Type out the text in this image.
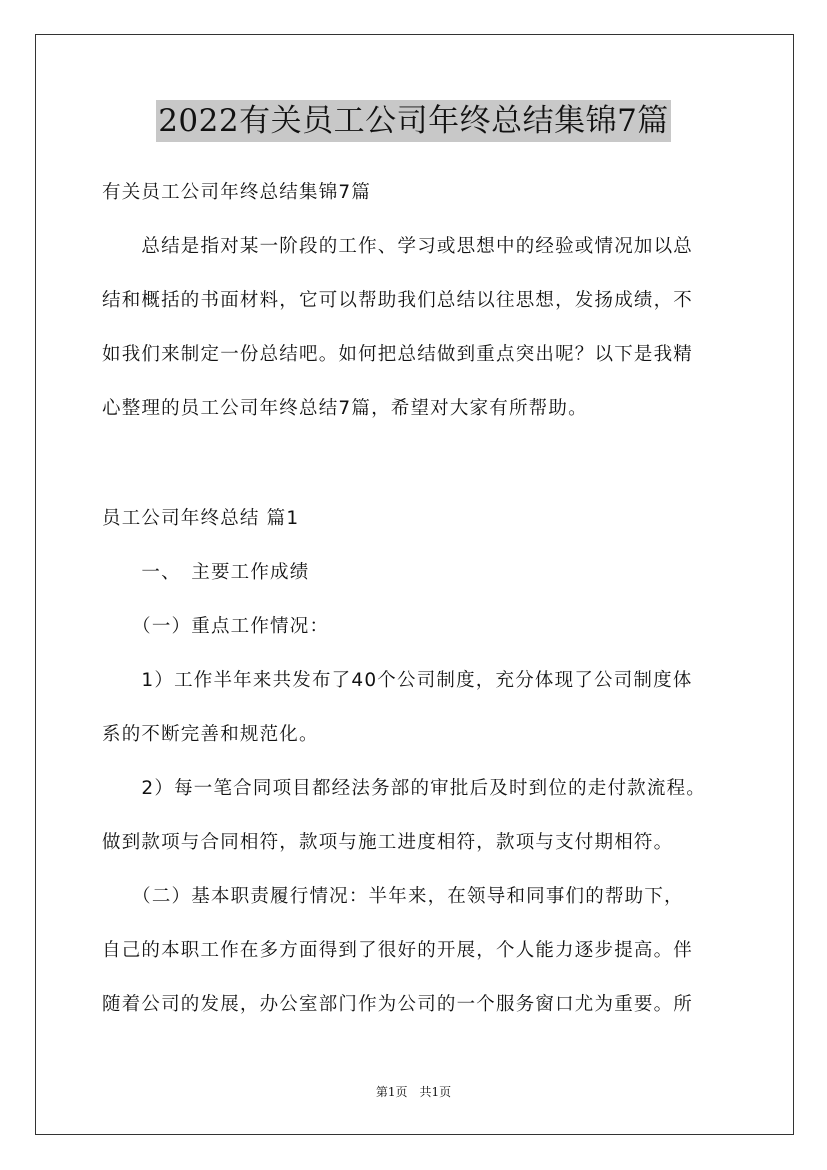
2022有关员工公司年终总结集锦7篇
有关员工公司年终总结集锦7篇
　　总结是指对某一阶段的工作、学习或思想中的经验或情况加以总
结和概括的书面材料，它可以帮助我们总结以往思想，发扬成绩，不
如我们来制定一份总结吧。如何把总结做到重点突出呢？以下是我精
心整理的员工公司年终总结7篇，希望对大家有所帮助。
员工公司年终总结 篇1
　　一、　主要工作成绩
　　（一）重点工作情况：
　　1）工作半年来共发布了40个公司制度，充分体现了公司制度体
系的不断完善和规范化。
　　2）每一笔合同项目都经法务部的审批后及时到位的走付款流程。
做到款项与合同相符，款项与施工进度相符，款项与支付期相符。
　　（二）基本职责履行情况：半年来，在领导和同事们的帮助下，
自己的本职工作在多方面得到了很好的开展，个人能力逐步提高。伴
随着公司的发展，办公室部门作为公司的一个服务窗口尤为重要。所
第1页　共1页
